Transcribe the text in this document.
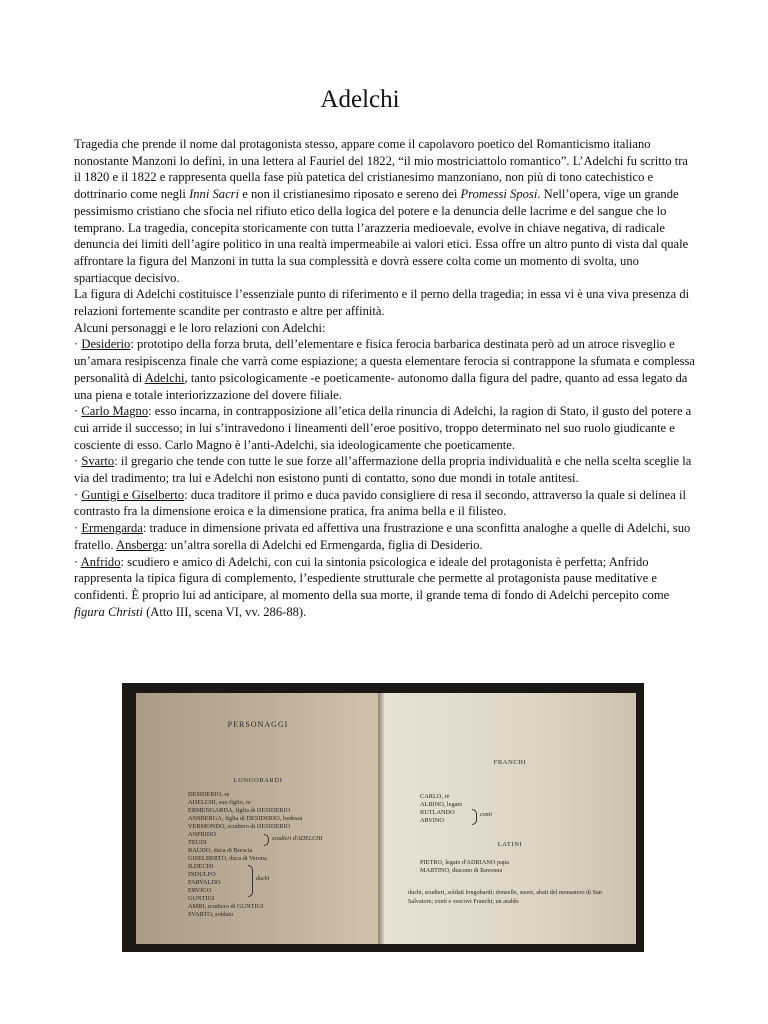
Adelchi

Tragedia che prende il nome dal protagonista stesso, appare come il capolavoro poetico del Romanticismo italiano nonostante Manzoni lo definì, in una lettera al Fauriel del 1822, “il mio mostriciattolo romantico”. L’Adelchi fu scritto tra il 1820 e il 1822 e rappresenta quella fase più patetica del cristianesimo manzoniano, non più di tono catechistico e dottrinario come negli Inni Sacri e non il cristianesimo riposato e sereno dei Promessi Sposi. Nell’opera, vige un grande pessimismo cristiano che sfocia nel rifiuto etico della logica del potere e la denuncia delle lacrime e del sangue che lo temprano. La tragedia, concepita storicamente con tutta l’arazzeria medioevale, evolve in chiave negativa, di radicale denuncia dei limiti dell’agire politico in una realtà impermeabile ai valori etici. Essa offre un altro punto di vista dal quale affrontare la figura del Manzoni in tutta la sua complessità e dovrà essere colta come un momento di svolta, uno spartiacque decisivo.

La figura di Adelchi costituisce l’essenziale punto di riferimento e il perno della tragedia; in essa vi è una viva presenza di relazioni fortemente scandite per contrasto e altre per affinità.

Alcuni personaggi e le loro relazioni con Adelchi:

· Desiderio: prototipo della forza bruta, dell’elementare e fisica ferocia barbarica destinata però ad un atroce risveglio e un’amara resipiscenza finale che varrà come espiazione; a questa elementare ferocia si contrappone la sfumata e complessa personalità di Adelchi, tanto psicologicamente -e poeticamente- autonomo dalla figura del padre, quanto ad essa legato da una piena e totale interiorizzazione del dovere filiale.

· Carlo Magno: esso incarna, in contrapposizione all’etica della rinuncia di Adelchi, la ragion di Stato, il gusto del potere a cui arride il successo; in lui s’intravedono i lineamenti dell’eroe positivo, troppo determinato nel suo ruolo giudicante e cosciente di esso. Carlo Magno è l’anti-Adelchi, sia ideologicamente che poeticamente.

· Svarto: il gregario che tende con tutte le sue forze all’affermazione della propria individualità e che nella scelta sceglie la via del tradimento; tra lui e Adelchi non esistono punti di contatto, sono due mondi in totale antitesi.

· Guntigi e Giselberto: duca traditore il primo e duca pavido consigliere di resa il secondo, attraverso la quale si delinea il contrasto fra la dimensione eroica e la dimensione pratica, fra anima bella e il filisteo.

· Ermengarda: traduce in dimensione privata ed affettiva una frustrazione e una sconfitta analoghe a quelle di Adelchi, suo fratello. Ansberga: un’altra sorella di Adelchi ed Ermengarda, figlia di Desiderio.

· Anfrido: scudiero e amico di Adelchi, con cui la sintonia psicologica e ideale del protagonista è perfetta; Anfrido rappresenta la tipica figura di complemento, l’espediente strutturale che permette al protagonista pause meditative e confidenti. È proprio lui ad anticipare, al momento della sua morte, il grande tema di fondo di Adelchi percepito come figura Christi (Atto III, scena VI, vv. 286-88).

PERSONAGGI
LONGOBARDI
DESIDERIO, re
ADELCHI, suo figlio, re
ERMENGARDA, figlia di DESIDERIO
ANSBERGA, figlia di DESIDERIO, badessa
VERMONDO, scudiero di DESIDERIO
ANFRIDO
TEUDI
BAUDO, duca di Brescia
GISELBERTO, duca di Verona
ILDECHI
INDULFO
FARVALDO
ERVIGO
GUNTIGI
AMRI, scudiero di GUNTIGI
SVARTO, soldato
scudieri d'ADELCHI
duchi
FRANCHI
CARLO, re
ALBINO, legato
RUTLANDO
ARVINO
conti
LATINI
PIETRO, legato d'ADRIANO papa
MARTINO, diacono di Ravenna
duchi, scudieri, soldati longobardi; donzelle, suore, abati del monastero di San Salvatore; conti e vescovi Franchi; un araldo
